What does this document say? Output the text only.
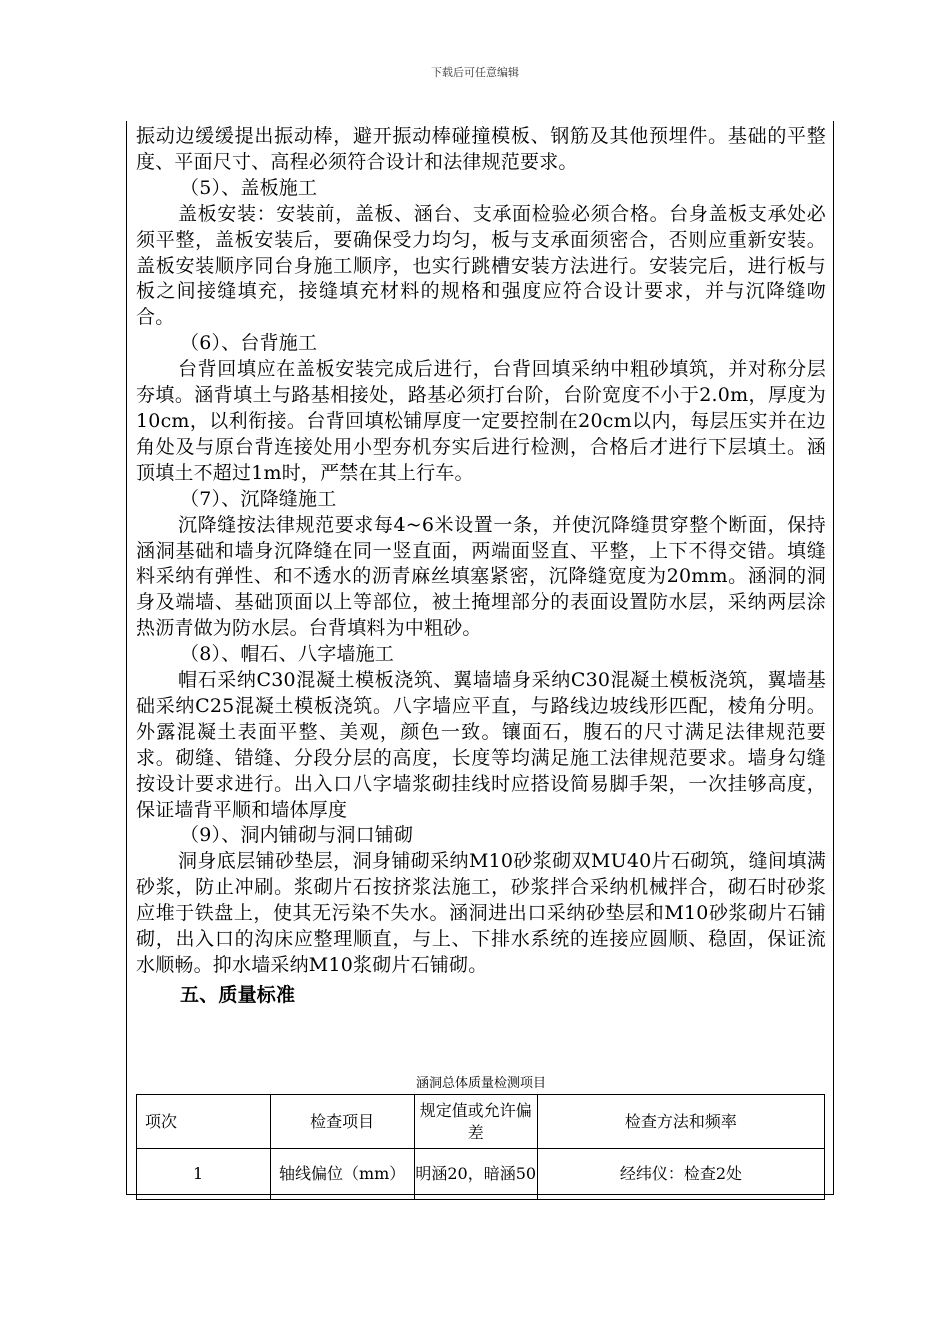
下载后可任意编辑

振动边缓缓提出振动棒，避开振动棒碰撞模板、钢筋及其他预埋件。基础的平整度、平面尺寸、高程必须符合设计和法律规范要求。

（5）、盖板施工

盖板安装：安装前，盖板、涵台、支承面检验必须合格。台身盖板支承处必须平整，盖板安装后，要确保受力均匀，板与支承面须密合，否则应重新安装。盖板安装顺序同台身施工顺序，也实行跳槽安装方法进行。安装完后，进行板与板之间接缝填充，接缝填充材料的规格和强度应符合设计要求，并与沉降缝吻合。

（6）、台背施工

台背回填应在盖板安装完成后进行，台背回填采纳中粗砂填筑，并对称分层夯填。涵背填土与路基相接处，路基必须打台阶，台阶宽度不小于2.0m，厚度为10cm，以利衔接。台背回填松铺厚度一定要控制在20cm以内，每层压实并在边角处及与原台背连接处用小型夯机夯实后进行检测，合格后才进行下层填土。涵顶填土不超过1m时，严禁在其上行车。

（7）、沉降缝施工

沉降缝按法律规范要求每4~6米设置一条，并使沉降缝贯穿整个断面，保持涵洞基础和墙身沉降缝在同一竖直面，两端面竖直、平整，上下不得交错。填缝料采纳有弹性、和不透水的沥青麻丝填塞紧密，沉降缝宽度为20mm。涵洞的洞身及端墙、基础顶面以上等部位，被土掩埋部分的表面设置防水层，采纳两层涂热沥青做为防水层。台背填料为中粗砂。

（8）、帽石、八字墙施工

帽石采纳C30混凝土模板浇筑、翼墙墙身采纳C30混凝土模板浇筑，翼墙基础采纳C25混凝土模板浇筑。八字墙应平直，与路线边坡线形匹配，棱角分明。外露混凝土表面平整、美观，颜色一致。镶面石，腹石的尺寸满足法律规范要求。砌缝、错缝、分段分层的高度，长度等均满足施工法律规范要求。墙身勾缝按设计要求进行。出入口八字墙浆砌挂线时应搭设简易脚手架，一次挂够高度，保证墙背平顺和墙体厚度

（9）、洞内铺砌与洞口铺砌

洞身底层铺砂垫层，洞身铺砌采纳M10砂浆砌双MU40片石砌筑，缝间填满砂浆，防止冲刷。浆砌片石按挤浆法施工，砂浆拌合采纳机械拌合，砌石时砂浆应堆于铁盘上，使其无污染不失水。涵洞进出口采纳砂垫层和M10砂浆砌片石铺砌，出入口的沟床应整理顺直，与上、下排水系统的连接应圆顺、稳固，保证流水顺畅。抑水墙采纳M10浆砌片石铺砌。

五、质量标准

涵洞总体质量检测项目
项次	检查项目	规定值或允许偏差	检查方法和频率
1	轴线偏位（mm）	明涵20，暗涵50	经纬仪：检查2处
